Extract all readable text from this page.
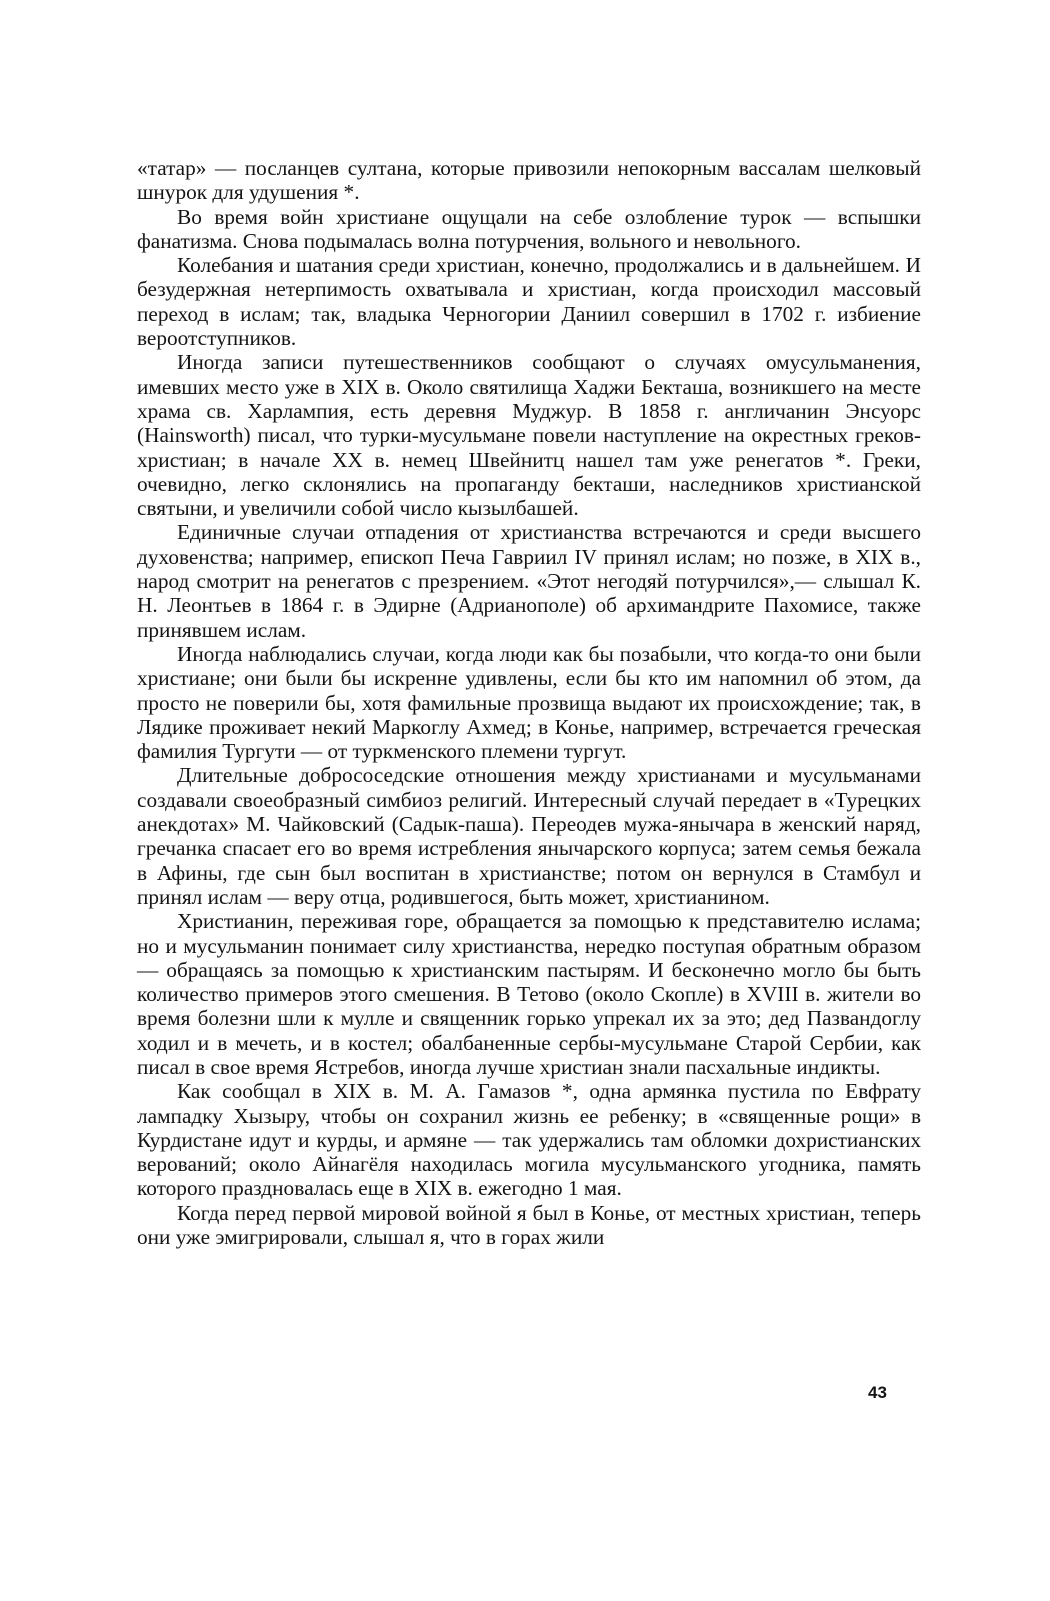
«татар» — посланцев султана, которые привозили непокорным вассалам шелковый шнурок для удушения *.

Во время войн христиане ощущали на себе озлобление турок — вспышки фанатизма. Снова подымалась волна потурчения, вольного и невольного.

Колебания и шатания среди христиан, конечно, продолжались и в дальнейшем. И безудержная нетерпимость охватывала и христиан, когда происходил массовый переход в ислам; так, владыка Черногории Даниил совершил в 1702 г. избиение вероотступников.

Иногда записи путешественников сообщают о случаях омусульманения, имевших место уже в XIX в. Около святилища Хаджи Бекташа, возникшего на месте храма св. Харлампия, есть деревня Муджур. В 1858 г. англичанин Энсуорс (Hainsworth) писал, что турки-мусульмане повели наступление на окрестных греков-христиан; в начале XX в. немец Швейнитц нашел там уже ренегатов *. Греки, очевидно, легко склонялись на пропаганду бекташи, наследников христианской святыни, и увеличили собой число кызылбашей.

Единичные случаи отпадения от христианства встречаются и среди высшего духовенства; например, епископ Печа Гавриил IV принял ислам; но позже, в XIX в., народ смотрит на ренегатов с презрением. «Этот негодяй потурчился»,— слышал К. Н. Леонтьев в 1864 г. в Эдирне (Адрианополе) об архимандрите Пахомисе, также принявшем ислам.

Иногда наблюдались случаи, когда люди как бы позабыли, что когда-то они были христиане; они были бы искренне удивлены, если бы кто им напомнил об этом, да просто не поверили бы, хотя фамильные прозвища выдают их происхождение; так, в Лядике проживает некий Маркоглу Ахмед; в Конье, например, встречается греческая фамилия Тургути — от туркменского племени тургут.

Длительные добрососедские отношения между христианами и мусульманами создавали своеобразный симбиоз религий. Интересный случай передает в «Турецких анекдотах» М. Чайковский (Садык-паша). Переодев мужа-янычара в женский наряд, гречанка спасает его во время истребления янычарского корпуса; затем семья бежала в Афины, где сын был воспитан в христианстве; потом он вернулся в Стамбул и принял ислам — веру отца, родившегося, быть может, христианином.

Христианин, переживая горе, обращается за помощью к представителю ислама; но и мусульманин понимает силу христианства, нередко поступая обратным образом — обращаясь за помощью к христианским пастырям. И бесконечно могло бы быть количество примеров этого смешения. В Тетово (около Скопле) в XVIII в. жители во время болезни шли к мулле и священник горько упрекал их за это; дед Пазвандоглу ходил и в мечеть, и в костел; обалбаненные сербы-мусульмане Старой Сербии, как писал в свое время Ястребов, иногда лучше христиан знали пасхальные индикты.

Как сообщал в XIX в. М. А. Гамазов *, одна армянка пустила по Евфрату лампадку Хызыру, чтобы он сохранил жизнь ее ребенку; в «священные рощи» в Курдистане идут и курды, и армяне — так удержались там обломки дохристианских верований; около Айнагёля находилась могила мусульманского угодника, память которого праздновaлась еще в XIX в. ежегодно 1 мая.

Когда перед первой мировой войной я был в Конье, от местных христиан, теперь они уже эмигрировали, слышал я, что в горах жили

43
